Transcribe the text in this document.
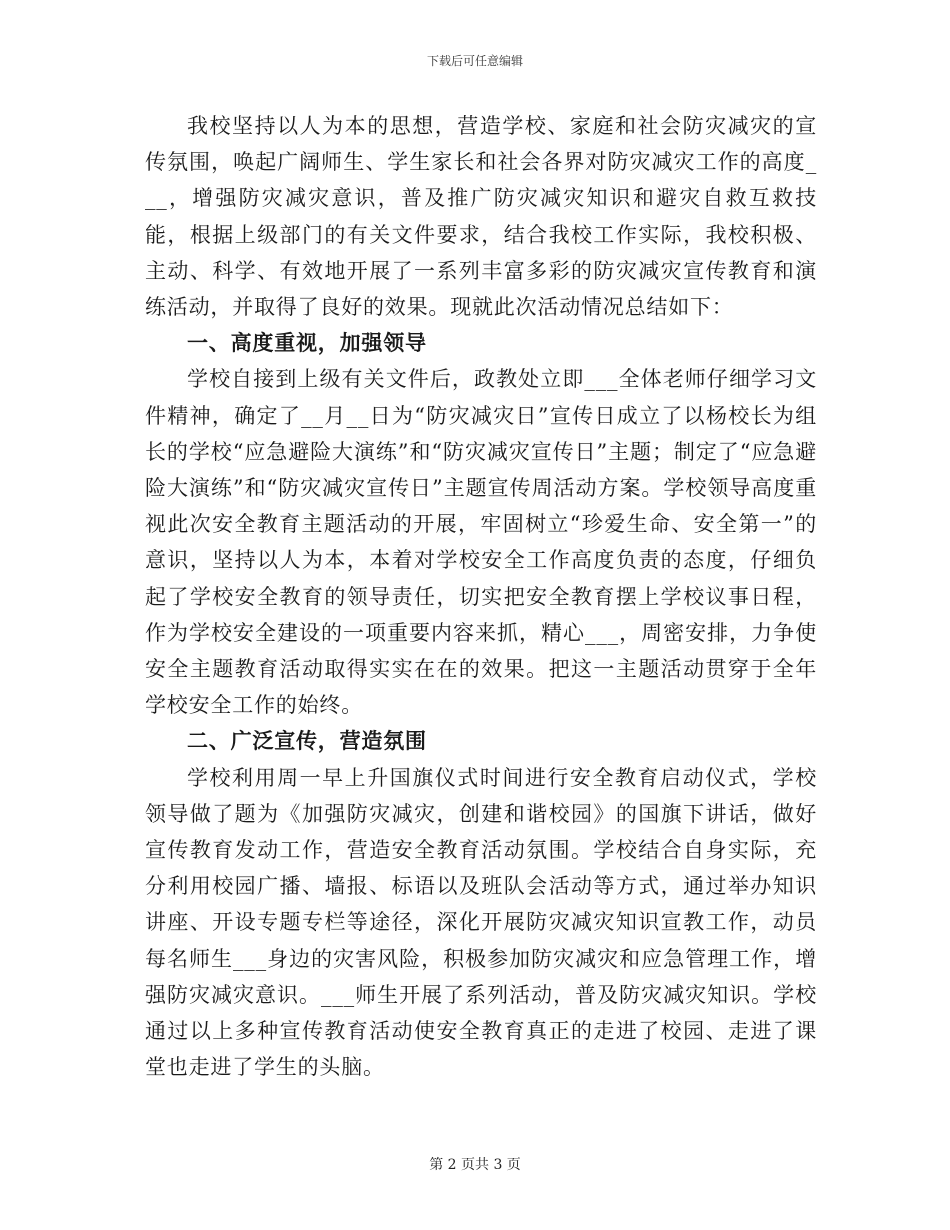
下载后可任意编辑

我校坚持以人为本的思想，营造学校、家庭和社会防灾减灾的宣传氛围，唤起广阔师生、学生家长和社会各界对防灾减灾工作的高度___，增强防灾减灾意识，普及推广防灾减灾知识和避灾自救互救技能，根据上级部门的有关文件要求，结合我校工作实际，我校积极、主动、科学、有效地开展了一系列丰富多彩的防灾减灾宣传教育和演练活动，并取得了良好的效果。现就此次活动情况总结如下：

一、高度重视，加强领导

学校自接到上级有关文件后，政教处立即___全体老师仔细学习文件精神，确定了__月__日为“防灾减灾日”宣传日成立了以杨校长为组长的学校“应急避险大演练”和“防灾减灾宣传日”主题；制定了“应急避险大演练”和“防灾减灾宣传日”主题宣传周活动方案。学校领导高度重视此次安全教育主题活动的开展，牢固树立“珍爱生命、安全第一”的意识，坚持以人为本，本着对学校安全工作高度负责的态度，仔细负起了学校安全教育的领导责任，切实把安全教育摆上学校议事日程，作为学校安全建设的一项重要内容来抓，精心___，周密安排，力争使安全主题教育活动取得实实在在的效果。把这一主题活动贯穿于全年学校安全工作的始终。

二、广泛宣传，营造氛围

学校利用周一早上升国旗仪式时间进行安全教育启动仪式，学校领导做了题为《加强防灾减灾，创建和谐校园》的国旗下讲话，做好宣传教育发动工作，营造安全教育活动氛围。学校结合自身实际，充分利用校园广播、墙报、标语以及班队会活动等方式，通过举办知识讲座、开设专题专栏等途径，深化开展防灾减灾知识宣教工作，动员每名师生___身边的灾害风险，积极参加防灾减灾和应急管理工作，增强防灾减灾意识。___师生开展了系列活动，普及防灾减灾知识。学校通过以上多种宣传教育活动使安全教育真正的走进了校园、走进了课堂也走进了学生的头脑。

第 2 页共 3 页
